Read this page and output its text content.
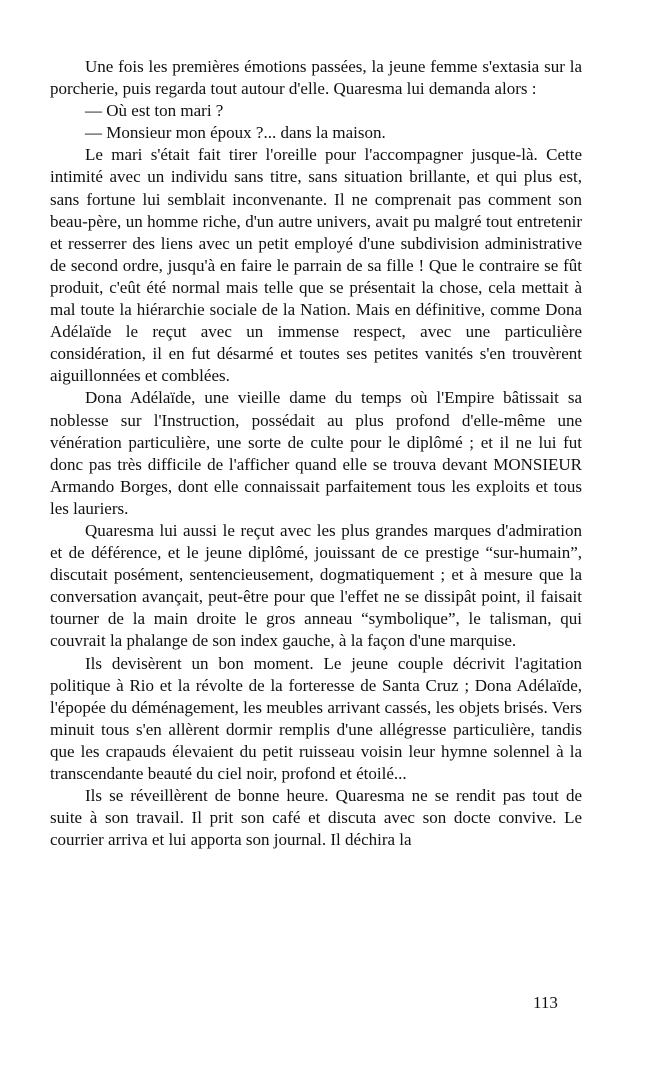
Une fois les premières émotions passées, la jeune femme s'extasia sur la porcherie, puis regarda tout autour d'elle. Quaresma lui demanda alors :

— Où est ton mari ?

— Monsieur mon époux ?... dans la maison.

Le mari s'était fait tirer l'oreille pour l'accompagner jusque-là. Cette intimité avec un individu sans titre, sans situation brillante, et qui plus est, sans fortune lui semblait inconvenante. Il ne comprenait pas comment son beau-père, un homme riche, d'un autre univers, avait pu malgré tout entretenir et resserrer des liens avec un petit employé d'une subdivision administrative de second ordre, jusqu'à en faire le parrain de sa fille ! Que le contraire se fût produit, c'eût été normal mais telle que se présentait la chose, cela mettait à mal toute la hiérarchie sociale de la Nation. Mais en définitive, comme Dona Adélaïde le reçut avec un immense respect, avec une particulière considération, il en fut désarmé et toutes ses petites vanités s'en trouvèrent aiguillonnées et comblées.

Dona Adélaïde, une vieille dame du temps où l'Empire bâtissait sa noblesse sur l'Instruction, possédait au plus profond d'elle-même une vénération particulière, une sorte de culte pour le diplômé ; et il ne lui fut donc pas très difficile de l'afficher quand elle se trouva devant MONSIEUR Armando Borges, dont elle connaissait parfaitement tous les exploits et tous les lauriers.

Quaresma lui aussi le reçut avec les plus grandes marques d'admiration et de déférence, et le jeune diplômé, jouissant de ce prestige “sur-humain”, discutait posément, sentencieusement, dogmatiquement ; et à mesure que la conversation avançait, peut-être pour que l'effet ne se dissipât point, il faisait tourner de la main droite le gros anneau “symbolique”, le talisman, qui couvrait la phalange de son index gauche, à la façon d'une marquise.

Ils devisèrent un bon moment. Le jeune couple décrivit l'agitation politique à Rio et la révolte de la forteresse de Santa Cruz ; Dona Adélaïde, l'épopée du déménagement, les meubles arrivant cassés, les objets brisés. Vers minuit tous s'en allèrent dormir remplis d'une allégresse particulière, tandis que les crapauds élevaient du petit ruisseau voisin leur hymne solennel à la transcendante beauté du ciel noir, profond et étoilé...

Ils se réveillèrent de bonne heure. Quaresma ne se rendit pas tout de suite à son travail. Il prit son café et discuta avec son docte convive. Le courrier arriva et lui apporta son journal. Il déchira la

113
